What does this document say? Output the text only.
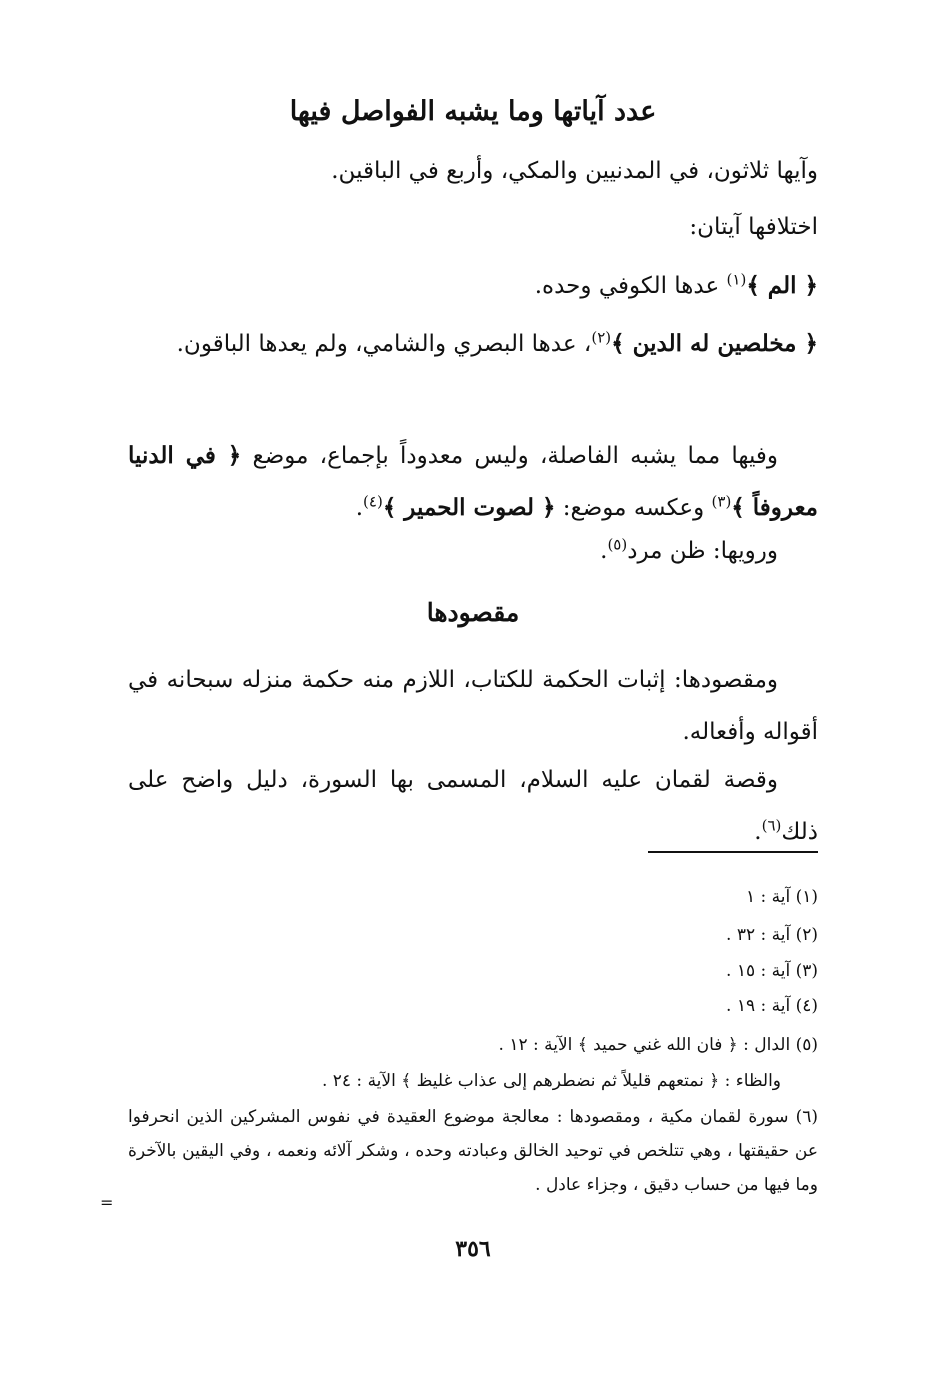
عدد آياتها وما يشبه الفواصل فيها
وآيها ثلاثون، في المدنيين والمكي، وأربع في الباقين.
اختلافها آيتان:
﴿ الم ﴾$^{(١)}$ عدها الكوفي وحده.
﴿ مخلصين له الدين ﴾$^{(٢)}$، عدها البصري والشامي، ولم يعدها الباقون.
وفيها مما يشبه الفاصلة، وليس معدوداً بإجماع، موضع ﴿ في الدنيا معروفاً ﴾$^{(٣)}$ وعكسه موضع: ﴿ لصوت الحمير ﴾$^{(٤)}$.
ورويها: ظن مرد$^{(٥)}$.
مقصودها
ومقصودها: إثبات الحكمة للكتاب، اللازم منه حكمة منزله سبحانه في أقواله وأفعاله.
وقصة لقمان عليه السلام، المسمى بها السورة، دليل واضح على ذلك$^{(٦)}$.
(١) آية : ١
(٢) آية : ٣٢ .
(٣) آية : ١٥ .
(٤) آية : ١٩ .
(٥) الدال : ﴿ فان الله غني حميد ﴾ الآية : ١٢ .
والظاء : ﴿ نمتعهم قليلاً ثم نضطرهم إلى عذاب غليظ ﴾ الآية : ٢٤ .
(٦) سورة لقمان مكية ، ومقصودها : معالجة موضوع العقيدة في نفوس المشركين الذين انحرفوا عن حقيقتها ، وهي تتلخص في توحيد الخالق وعبادته وحده ، وشكر آلائه ونعمه ، وفي اليقين بالآخرة وما فيها من حساب دقيق ، وجزاء عادل .
=
٣٥٦
